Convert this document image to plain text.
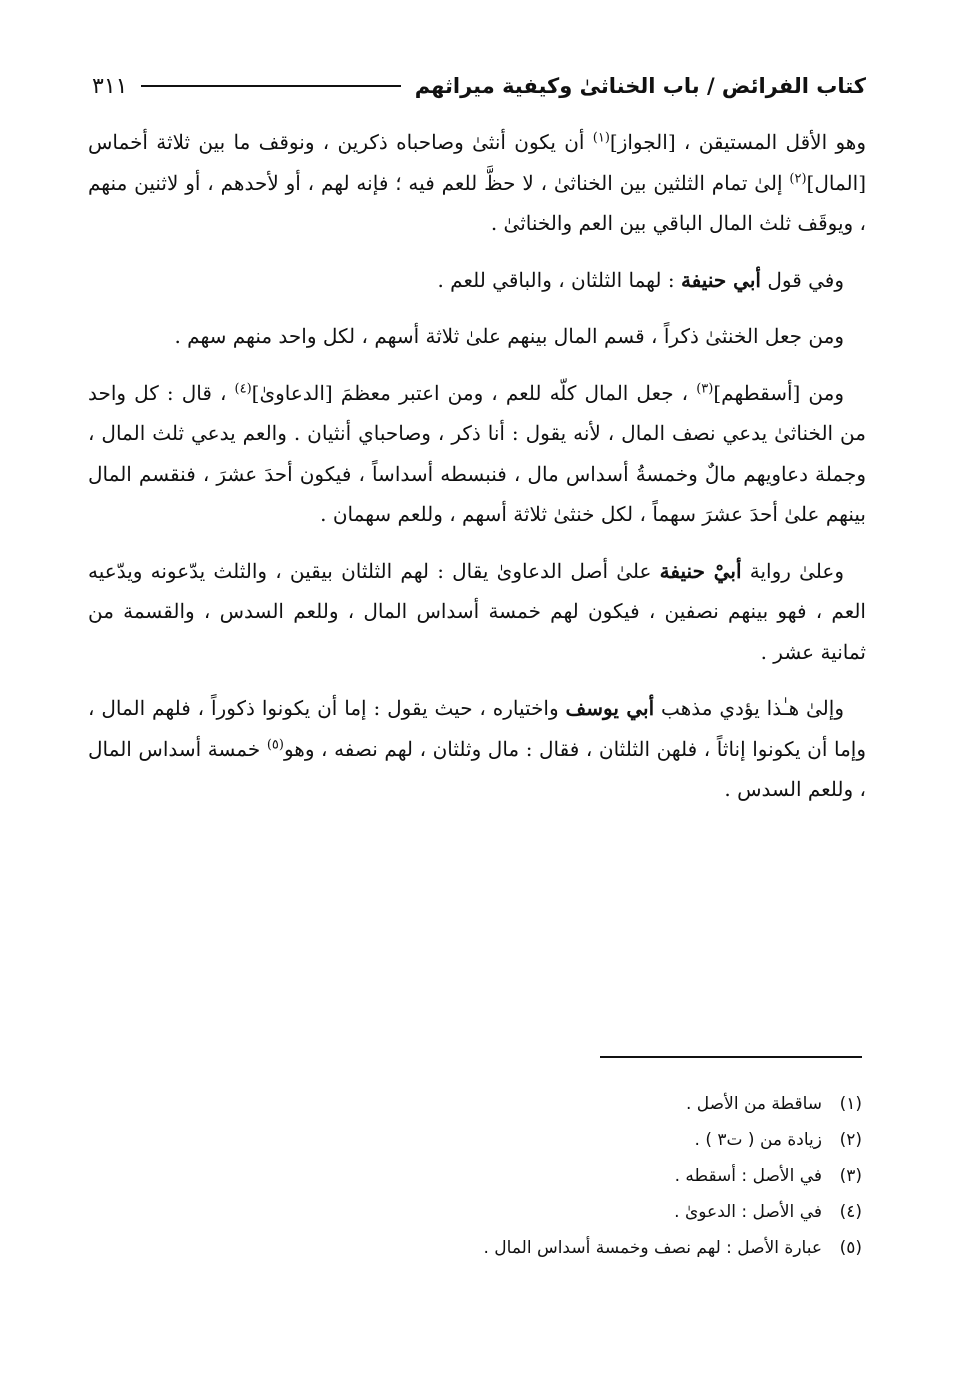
كتاب الفرائض / باب الخناثىٰ وكيفية ميراثهم
٣١١

وهو الأقل المستيقن ، [الجواز]$^{(١)}$ أن يكون أنثىٰ وصاحباه ذكرين ، ونوقف ما بين ثلاثة أخماس [المال]$^{(٢)}$ إلىٰ تمام الثلثين بين الخناثىٰ ، لا حظَّ للعم فيه ؛ فإنه لهم ، أو لأحدهم ، أو لاثنين منهم ، ويوقَف ثلث المال الباقي بين العم والخناثىٰ .

وفي قول أبي حنيفة : لهما الثلثان ، والباقي للعم .

ومن جعل الخنثىٰ ذكراً ، قسم المال بينهم علىٰ ثلاثة أسهم ، لكل واحد منهم سهم .

ومن [أسقطهم]$^{(٣)}$ ، جعل المال كلّه للعم ، ومن اعتبر معظمَ [الدعاوىٰ]$^{(٤)}$ ، قال : كل واحد من الخناثىٰ يدعي نصف المال ، لأنه يقول : أنا ذكر ، وصاحباي أنثيان . والعم يدعي ثلث المال ، وجملة دعاويهم مالٌ وخمسةُ أسداس مال ، فنبسطه أسداساً ، فيكون أحدَ عشرَ ، فنقسم المال بينهم علىٰ أحدَ عشرَ سهماً ، لكل خنثىٰ ثلاثة أسهم ، وللعم سهمان .

وعلىٰ رواية أبيْ حنيفة علىٰ أصل الدعاوىٰ يقال : لهم الثلثان بيقين ، والثلث يدّعونه ويدّعيه العم ، فهو بينهم نصفين ، فيكون لهم خمسة أسداس المال ، وللعم السدس ، والقسمة من ثمانية عشر .

وإلىٰ هـٰذا يؤدي مذهب أبي يوسف واختياره ، حيث يقول : إما أن يكونوا ذكوراً ، فلهم المال ، وإما أن يكونوا إناثاً ، فلهن الثلثان ، فقال : مال وثلثان ، لهم نصفه ، وهو$^{(٥)}$ خمسة أسداس المال ، وللعم السدس .

(١)ساقطة من الأصل .
(٢)زيادة من ( ت٣ ) .
(٣)في الأصل : أسقطه .
(٤)في الأصل : الدعوىٰ .
(٥)عبارة الأصل : لهم نصف وخمسة أسداس المال .
